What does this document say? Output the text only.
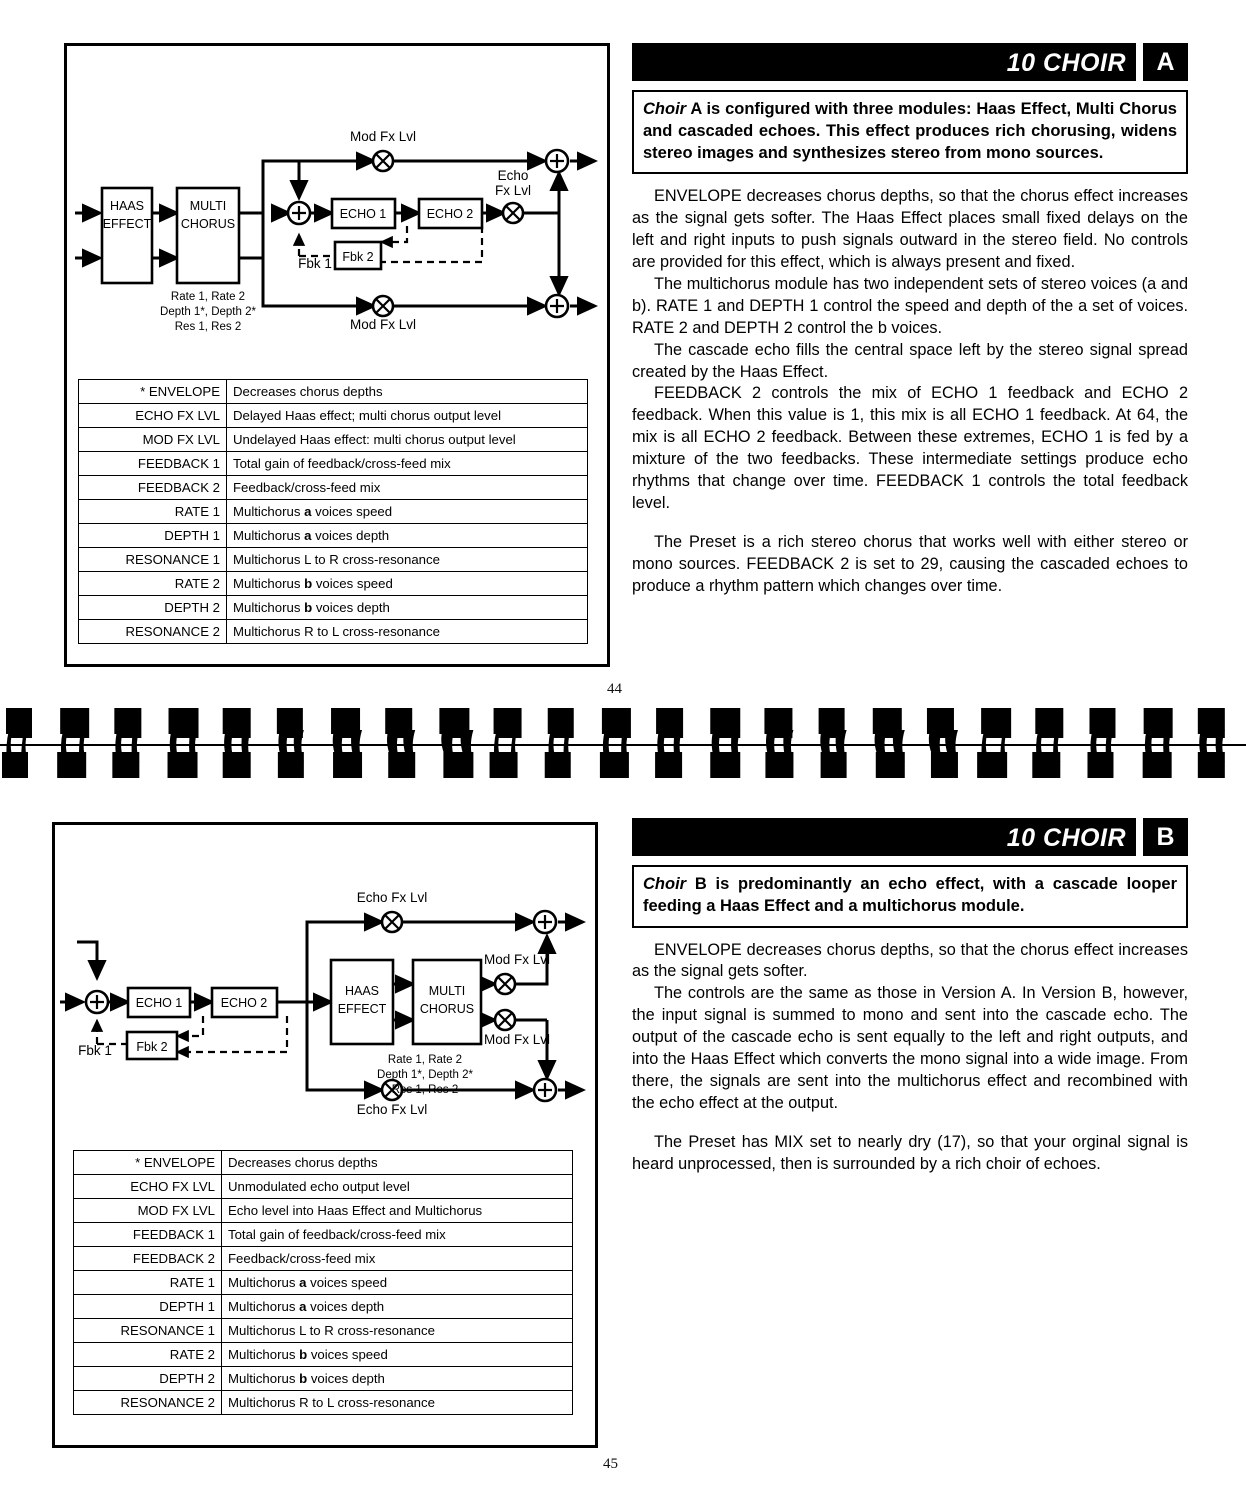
HAAS
EFFECT
MULTI
CHORUS
ECHO 1	ECHO 2
Fbk 2
Mod Fx Lvl
Echo
Fx Lvl
Mod Fx Lvl
Fbk 1
Rate 1, Rate 2
Depth 1*, Depth 2*
Res 1, Res 2
* ENVELOPE	Decreases chorus depths
ECHO FX LVL	Delayed Haas effect; multi chorus output level
MOD FX LVL	Undelayed Haas effect: multi chorus output level
FEEDBACK 1	Total gain of feedback/cross-feed mix
FEEDBACK 2	Feedback/cross-feed mix
RATE 1	Multichorus a voices speed
DEPTH 1	Multichorus a voices depth
RESONANCE 1	Multichorus L to R cross-resonance
RATE 2	Multichorus b voices speed
DEPTH 2	Multichorus b voices depth
RESONANCE 2	Multichorus R to L cross-resonance
44
10 CHOIR	A
Choir A is configured with three modules: Haas Effect, Multi Chorus and cascaded echoes. This effect produces rich chorusing, widens stereo images and synthesizes stereo from mono sources.

ENVELOPE decreases chorus depths, so that the chorus effect increases as the signal gets softer. The Haas Effect places small fixed delays on the left and right inputs to push signals outward in the stereo field. No controls are provided for this effect, which is always present and fixed.

The multichorus module has two independent sets of stereo voices (a and b). RATE 1 and DEPTH 1 control the speed and depth of the a set of voices. RATE 2 and DEPTH 2 control the b voices.

The cascade echo fills the central space left by the stereo signal spread created by the Haas Effect.

FEEDBACK 2 controls the mix of ECHO 1 feedback and ECHO 2 feedback. When this value is 1, this mix is all ECHO 1 feedback. At 64, the mix is all ECHO 2 feedback. Between these extremes, ECHO 1 is fed by a mixture of the two feedbacks. These intermediate settings produce echo rhythms that change over time. FEEDBACK 1 controls the total feedback level.

The Preset is a rich stereo chorus that works well with either stereo or mono sources. FEEDBACK 2 is set to 29, causing the cascaded echoes to produce a rhythm pattern which changes over time.

ECHO 1	ECHO 2
Fbk 2
HAAS
EFFECT
MULTI
CHORUS
Echo Fx Lvl
Mod Fx Lvl
Mod Fx Lvl
Echo Fx Lvl
Fbk 1
Rate 1, Rate 2
Depth 1*, Depth 2*
Res 1, Res 2
* ENVELOPE	Decreases chorus depths
ECHO FX LVL	Unmodulated echo output level
MOD FX LVL	Echo level into Haas Effect and Multichorus
FEEDBACK 1	Total gain of feedback/cross-feed mix
FEEDBACK 2	Feedback/cross-feed mix
RATE 1	Multichorus a voices speed
DEPTH 1	Multichorus a voices depth
RESONANCE 1	Multichorus L to R cross-resonance
RATE 2	Multichorus b voices speed
DEPTH 2	Multichorus b voices depth
RESONANCE 2	Multichorus R to L cross-resonance
45
10 CHOIR	B
Choir B is predominantly an echo effect, with a cascade looper feeding a Haas Effect and a multichorus module.

ENVELOPE decreases chorus depths, so that the chorus effect increases as the signal gets softer.

The controls are the same as those in Version A. In Version B, however, the input signal is summed to mono and sent into the cascade echo. The output of the cascade echo is sent equally to the left and right outputs, and into the Haas Effect which converts the mono signal into a wide image. From there, the signals are sent into the multichorus effect and recombined with the echo effect at the output.

The Preset has MIX set to nearly dry (17), so that your orginal signal is heard unprocessed, then is surrounded by a rich choir of echoes.
